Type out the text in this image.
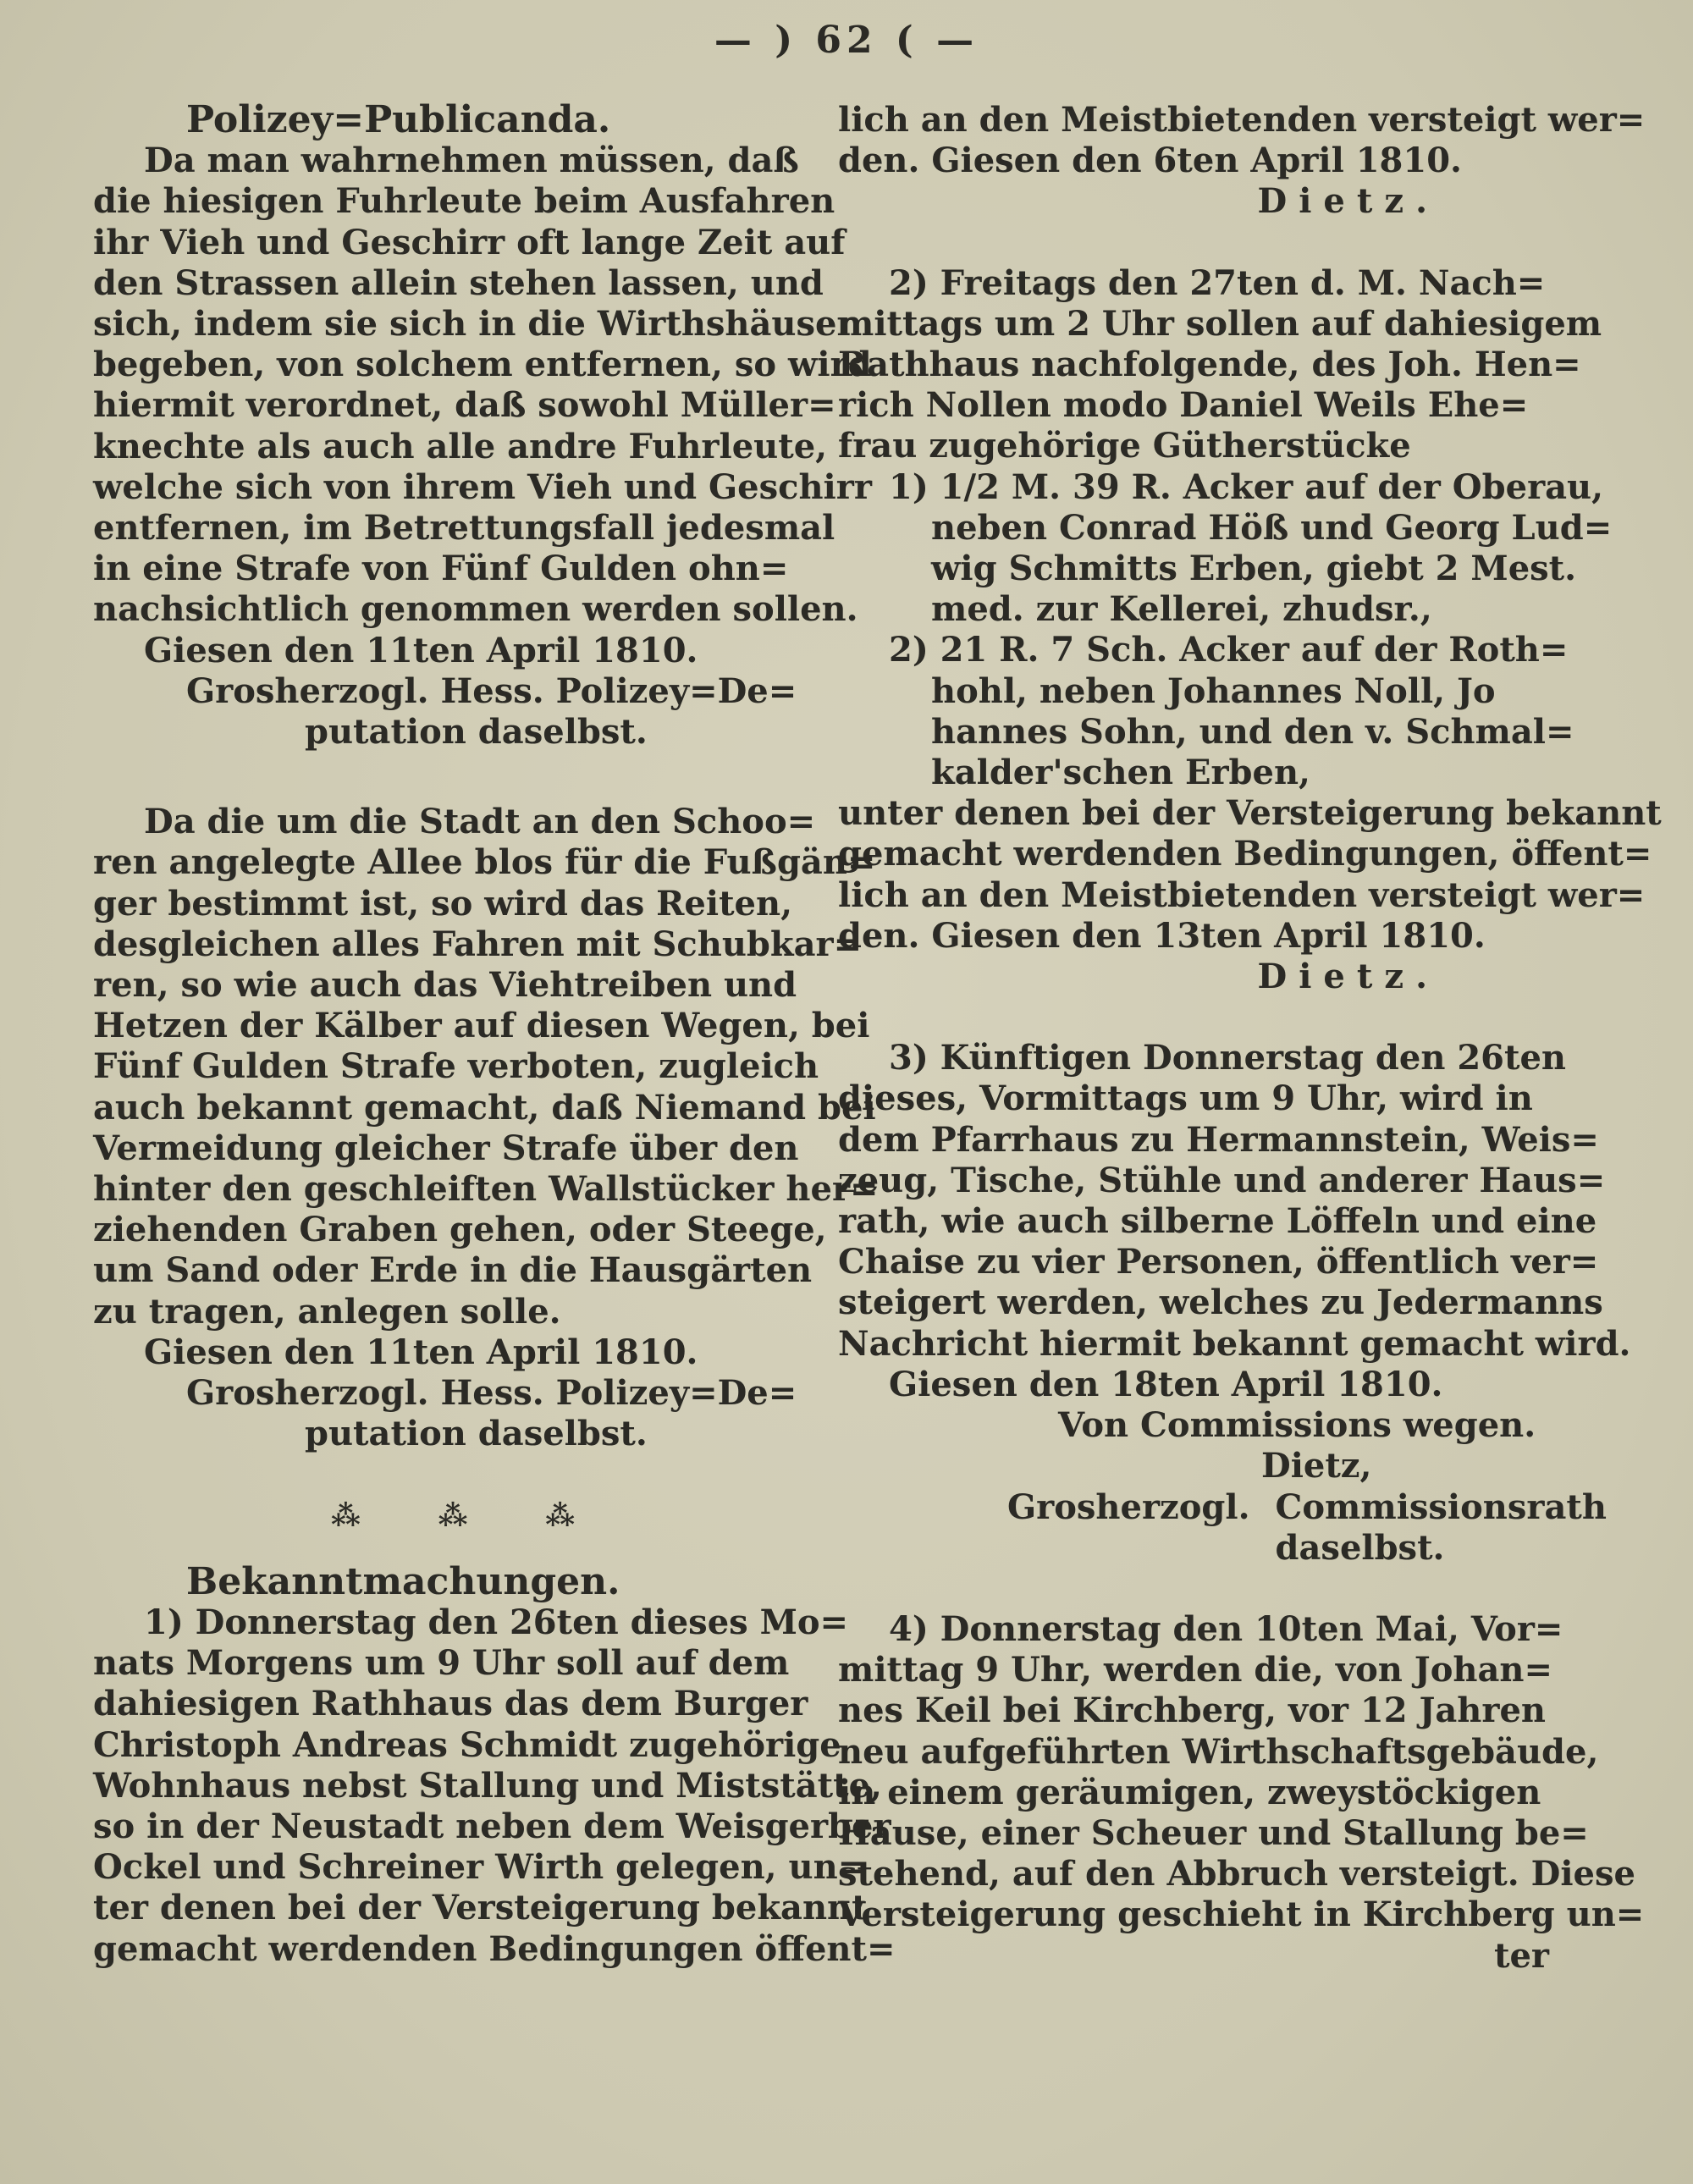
— ) 62 ( —
Polizey=Publicanda.
Da man wahrnehmen müssen, daß
die hiesigen Fuhrleute beim Ausfahren
ihr Vieh und Geschirr oft lange Zeit auf
den Strassen allein stehen lassen, und
sich, indem sie sich in die Wirthshäuser
begeben, von solchem entfernen, so wird
hiermit verordnet, daß sowohl Müller=
knechte als auch alle andre Fuhrleute,
welche sich von ihrem Vieh und Geschirr
entfernen, im Betrettungsfall jedesmal
in eine Strafe von Fünf Gulden ohn=
nachsichtlich genommen werden sollen.
Giesen den 11ten April 1810.
Grosherzogl. Hess. Polizey=De=
putation daselbst.
Da die um die Stadt an den Schoo=
ren angelegte Allee blos für die Fußgän=
ger bestimmt ist, so wird das Reiten,
desgleichen alles Fahren mit Schubkar=
ren, so wie auch das Viehtreiben und
Hetzen der Kälber auf diesen Wegen, bei
Fünf Gulden Strafe verboten, zugleich
auch bekannt gemacht, daß Niemand bei
Vermeidung gleicher Strafe über den
hinter den geschleiften Wallstücker her=
ziehenden Graben gehen, oder Steege,
um Sand oder Erde in die Hausgärten
zu tragen, anlegen solle.
Giesen den 11ten April 1810.
Grosherzogl. Hess. Polizey=De=
putation daselbst.
⁂ ⁂ ⁂
Bekanntmachungen.
1) Donnerstag den 26ten dieses Mo=
nats Morgens um 9 Uhr soll auf dem
dahiesigen Rathhaus das dem Burger
Christoph Andreas Schmidt zugehörige
Wohnhaus nebst Stallung und Miststätte,
so in der Neustadt neben dem Weisgerber
Ockel und Schreiner Wirth gelegen, un=
ter denen bei der Versteigerung bekannt
gemacht werdenden Bedingungen öffent=
lich an den Meistbietenden versteigt wer=
den. Giesen den 6ten April 1810.
Dietz.
2) Freitags den 27ten d. M. Nach=
mittags um 2 Uhr sollen auf dahiesigem
Rathhaus nachfolgende, des Joh. Hen=
rich Nollen modo Daniel Weils Ehe=
frau zugehörige Gütherstücke
1) 1/2 M. 39 R. Acker auf der Oberau,
neben Conrad Höß und Georg Lud=
wig Schmitts Erben, giebt 2 Mest.
med. zur Kellerei, zhudsr.,
2) 21 R. 7 Sch. Acker auf der Roth=
hohl, neben Johannes Noll, Jo
hannes Sohn, und den v. Schmal=
kalder'schen Erben,
unter denen bei der Versteigerung bekannt
gemacht werdenden Bedingungen, öffent=
lich an den Meistbietenden versteigt wer=
den. Giesen den 13ten April 1810.
Dietz.
3) Künftigen Donnerstag den 26ten
dieses, Vormittags um 9 Uhr, wird in
dem Pfarrhaus zu Hermannstein, Weis=
zeug, Tische, Stühle und anderer Haus=
rath, wie auch silberne Löffeln und eine
Chaise zu vier Personen, öffentlich ver=
steigert werden, welches zu Jedermanns
Nachricht hiermit bekannt gemacht wird.
Giesen den 18ten April 1810.
Von Commissions wegen.
Dietz,
Grosherzogl. Commissionsrath
daselbst.
4) Donnerstag den 10ten Mai, Vor=
mittag 9 Uhr, werden die, von Johan=
nes Keil bei Kirchberg, vor 12 Jahren
neu aufgeführten Wirthschaftsgebäude,
in einem geräumigen, zweystöckigen
Hause, einer Scheuer und Stallung be=
stehend, auf den Abbruch versteigt. Diese
Versteigerung geschieht in Kirchberg un=
ter
